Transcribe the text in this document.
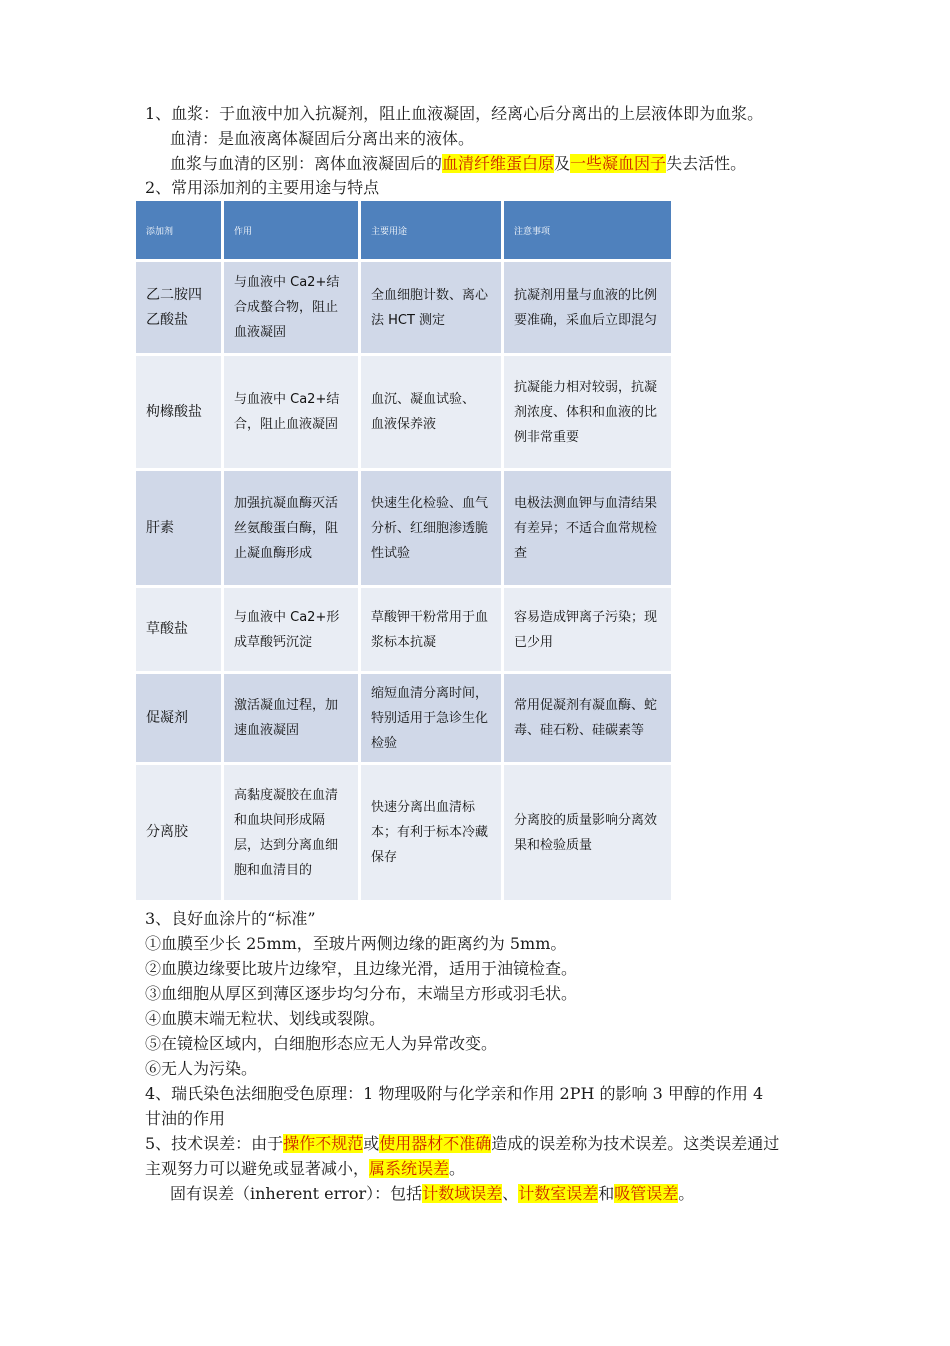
1、血浆：于血液中加入抗凝剂，阻止血液凝固，经离心后分离出的上层液体即为血浆。
血清：是血液离体凝固后分离出来的液体。
血浆与血清的区别：离体血液凝固后的血清纤维蛋白原及一些凝血因子失去活性。
2、常用添加剂的主要用途与特点
添加剂	作用	主要用途	注意事项
乙二胺四乙酸盐	与血液中 Ca2+结合成螯合物，阻止血液凝固	全血细胞计数、离心法 HCT 测定	抗凝剂用量与血液的比例要准确，采血后立即混匀
枸橼酸盐	与血液中 Ca2+结合，阻止血液凝固	血沉、凝血试验、 血液保养液	抗凝能力相对较弱，抗凝剂浓度、体积和血液的比例非常重要
肝素	加强抗凝血酶灭活丝氨酸蛋白酶，阻止凝血酶形成	快速生化检验、血气分析、红细胞渗透脆性试验	电极法测血钾与血清结果有差异；不适合血常规检查
草酸盐	与血液中 Ca2+形成草酸钙沉淀	草酸钾干粉常用于血浆标本抗凝	容易造成钾离子污染；现已少用
促凝剂	激活凝血过程，加速血液凝固	缩短血清分离时间，特别适用于急诊生化检验	常用促凝剂有凝血酶、蛇毒、硅石粉、硅碳素等
分离胶	高黏度凝胶在血清和血块间形成隔层，达到分离血细胞和血清目的	快速分离出血清标本；有利于标本冷藏保存	分离胶的质量影响分离效果和检验质量
3、良好血涂片的“标准”
①血膜至少长 25mm，至玻片两侧边缘的距离约为 5mm。
②血膜边缘要比玻片边缘窄，且边缘光滑，适用于油镜检查。
③血细胞从厚区到薄区逐步均匀分布，末端呈方形或羽毛状。
④血膜末端无粒状、划线或裂隙。
⑤在镜检区域内，白细胞形态应无人为异常改变。
⑥无人为污染。
4、瑞氏染色法细胞受色原理：1 物理吸附与化学亲和作用 2PH 的影响 3 甲醇的作用 4
甘油的作用
5、技术误差：由于操作不规范或使用器材不准确造成的误差称为技术误差。这类误差通过
主观努力可以避免或显著减小，属系统误差。
固有误差（inherent error）：包括计数域误差、计数室误差和吸管误差。
